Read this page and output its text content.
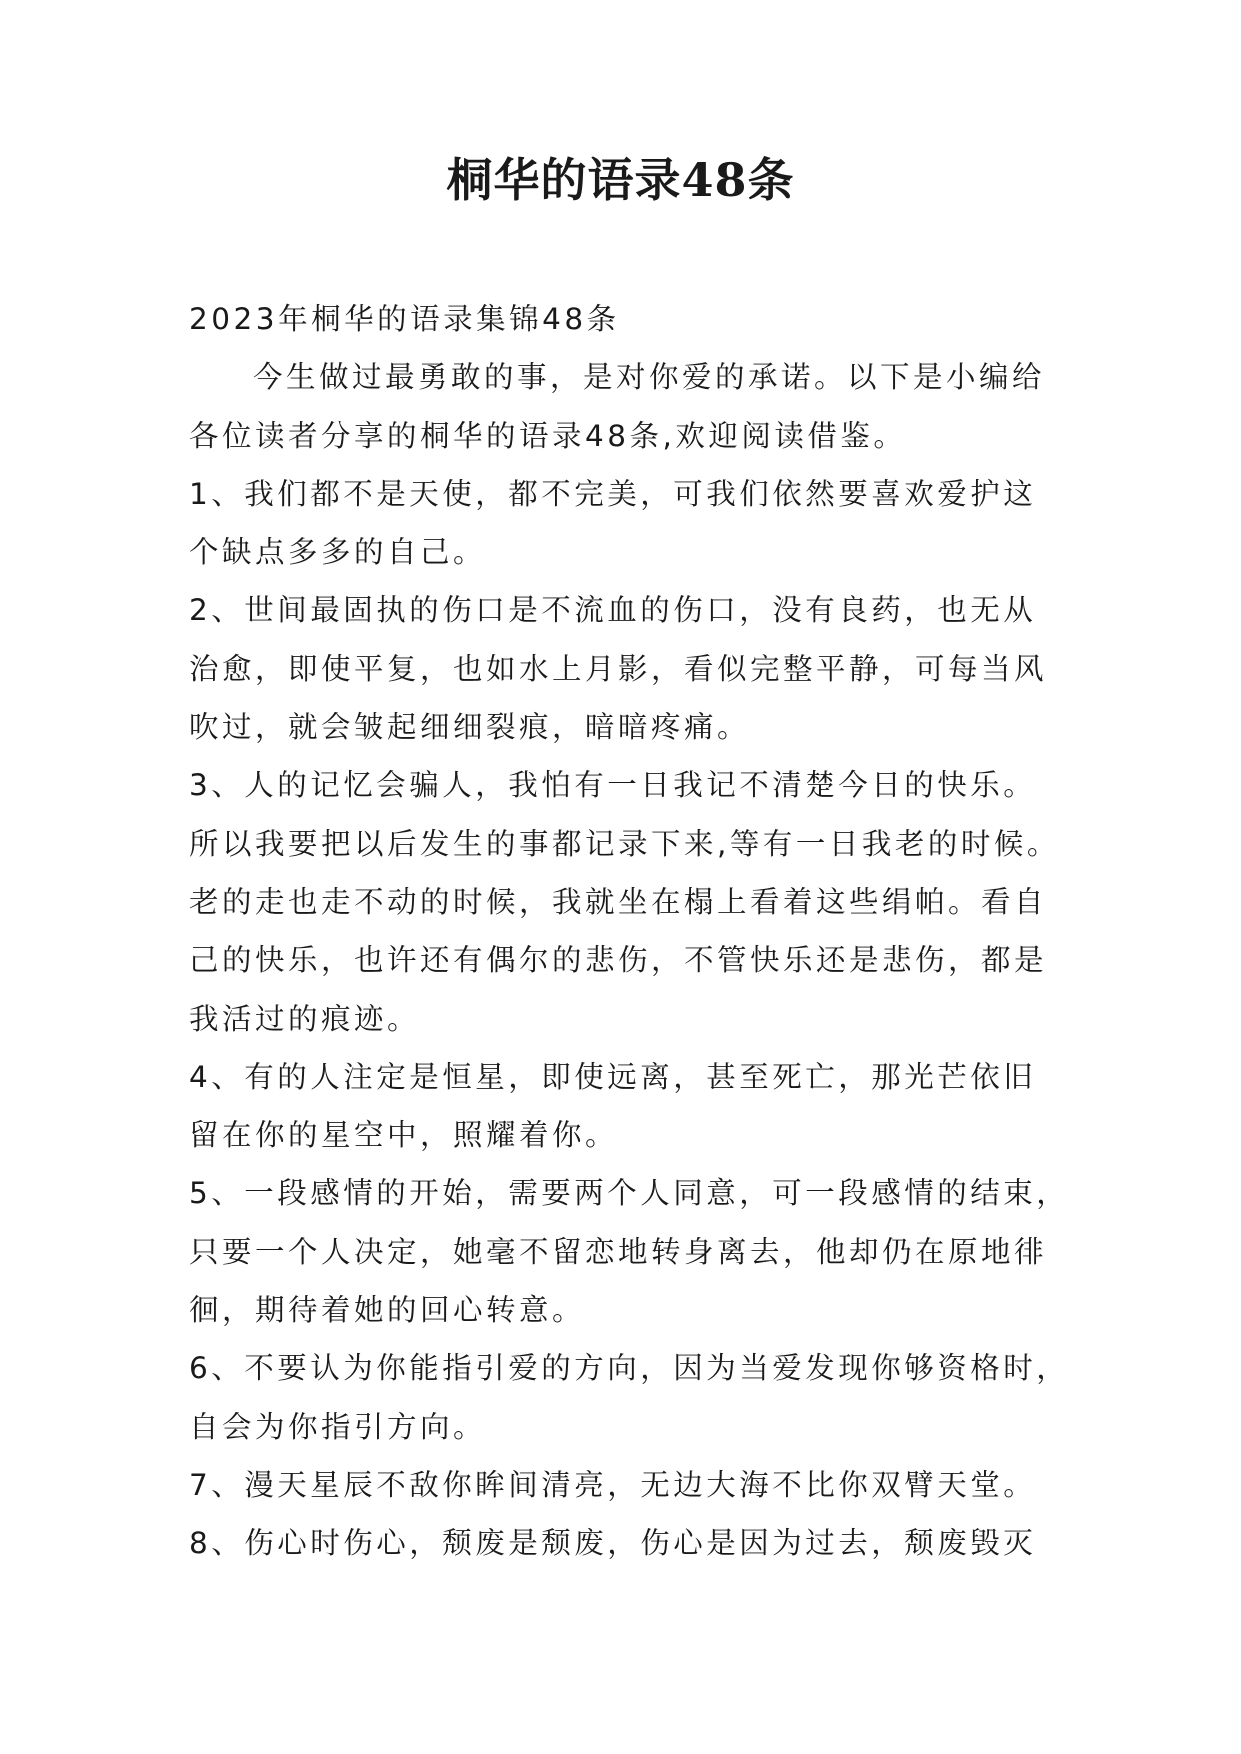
桐华的语录48条
2023年桐华的语录集锦48条
今生做过最勇敢的事，是对你爱的承诺。以下是小编给
各位读者分享的桐华的语录48条,欢迎阅读借鉴。
1、我们都不是天使，都不完美，可我们依然要喜欢爱护这
个缺点多多的自己。
2、世间最固执的伤口是不流血的伤口，没有良药，也无从
治愈，即使平复，也如水上月影，看似完整平静，可每当风
吹过，就会皱起细细裂痕，暗暗疼痛。
3、人的记忆会骗人，我怕有一日我记不清楚今日的快乐。
所以我要把以后发生的事都记录下来,等有一日我老的时候。
老的走也走不动的时候，我就坐在榻上看着这些绢帕。看自
己的快乐，也许还有偶尔的悲伤，不管快乐还是悲伤，都是
我活过的痕迹。
4、有的人注定是恒星，即使远离，甚至死亡，那光芒依旧
留在你的星空中，照耀着你。
5、一段感情的开始，需要两个人同意，可一段感情的结束，
只要一个人决定，她毫不留恋地转身离去，他却仍在原地徘
徊，期待着她的回心转意。
6、不要认为你能指引爱的方向，因为当爱发现你够资格时，
自会为你指引方向。
7、漫天星辰不敌你眸间清亮，无边大海不比你双臂天堂。
8、伤心时伤心，颓废是颓废，伤心是因为过去，颓废毁灭
